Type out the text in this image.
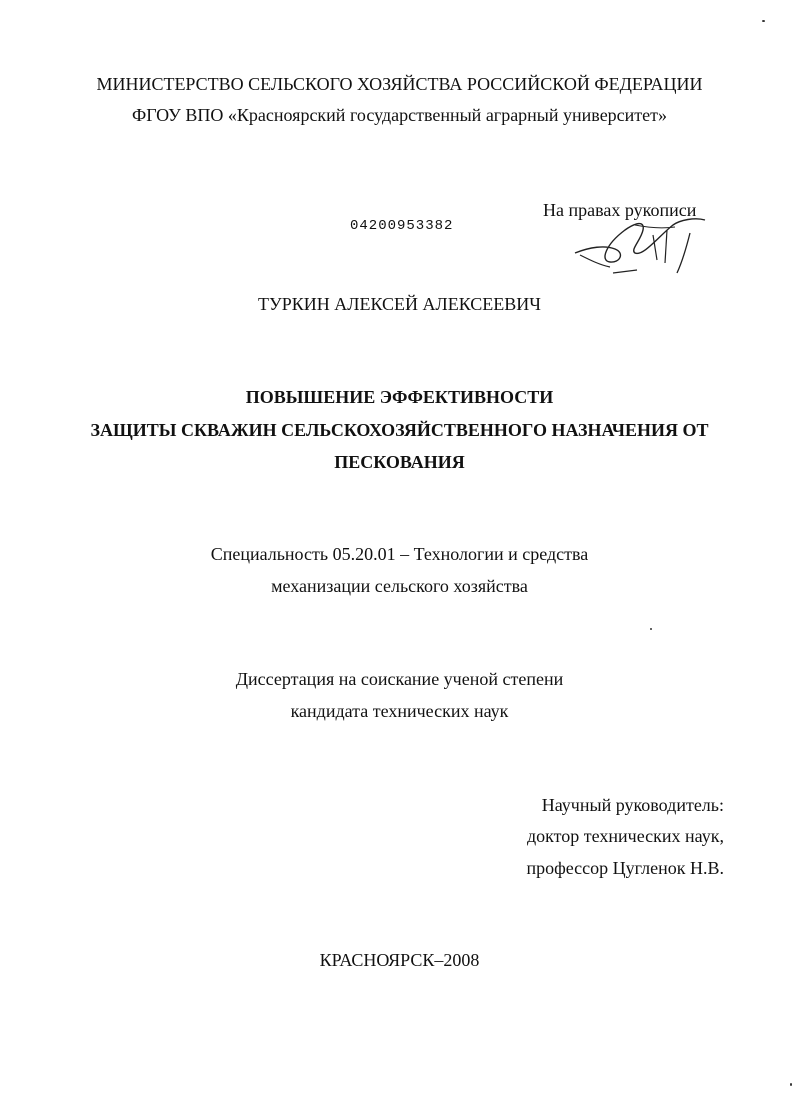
МИНИСТЕРСТВО СЕЛЬСКОГО ХОЗЯЙСТВА РОССИЙСКОЙ ФЕДЕРАЦИИ
ФГОУ ВПО «Красноярский государственный аграрный университет»
04200953382
На правах рукописи
ТУРКИН АЛЕКСЕЙ АЛЕКСЕЕВИЧ
ПОВЫШЕНИЕ ЭФФЕКТИВНОСТИ
ЗАЩИТЫ СКВАЖИН СЕЛЬСКОХОЗЯЙСТВЕННОГО НАЗНАЧЕНИЯ ОТ
ПЕСКОВАНИЯ
Специальность 05.20.01 – Технологии и средства
механизации сельского хозяйства
Диссертация на соискание ученой степени
кандидата технических наук
Научный руководитель:
доктор технических наук,
профессор Цугленок Н.В.
КРАСНОЯРСК–2008
